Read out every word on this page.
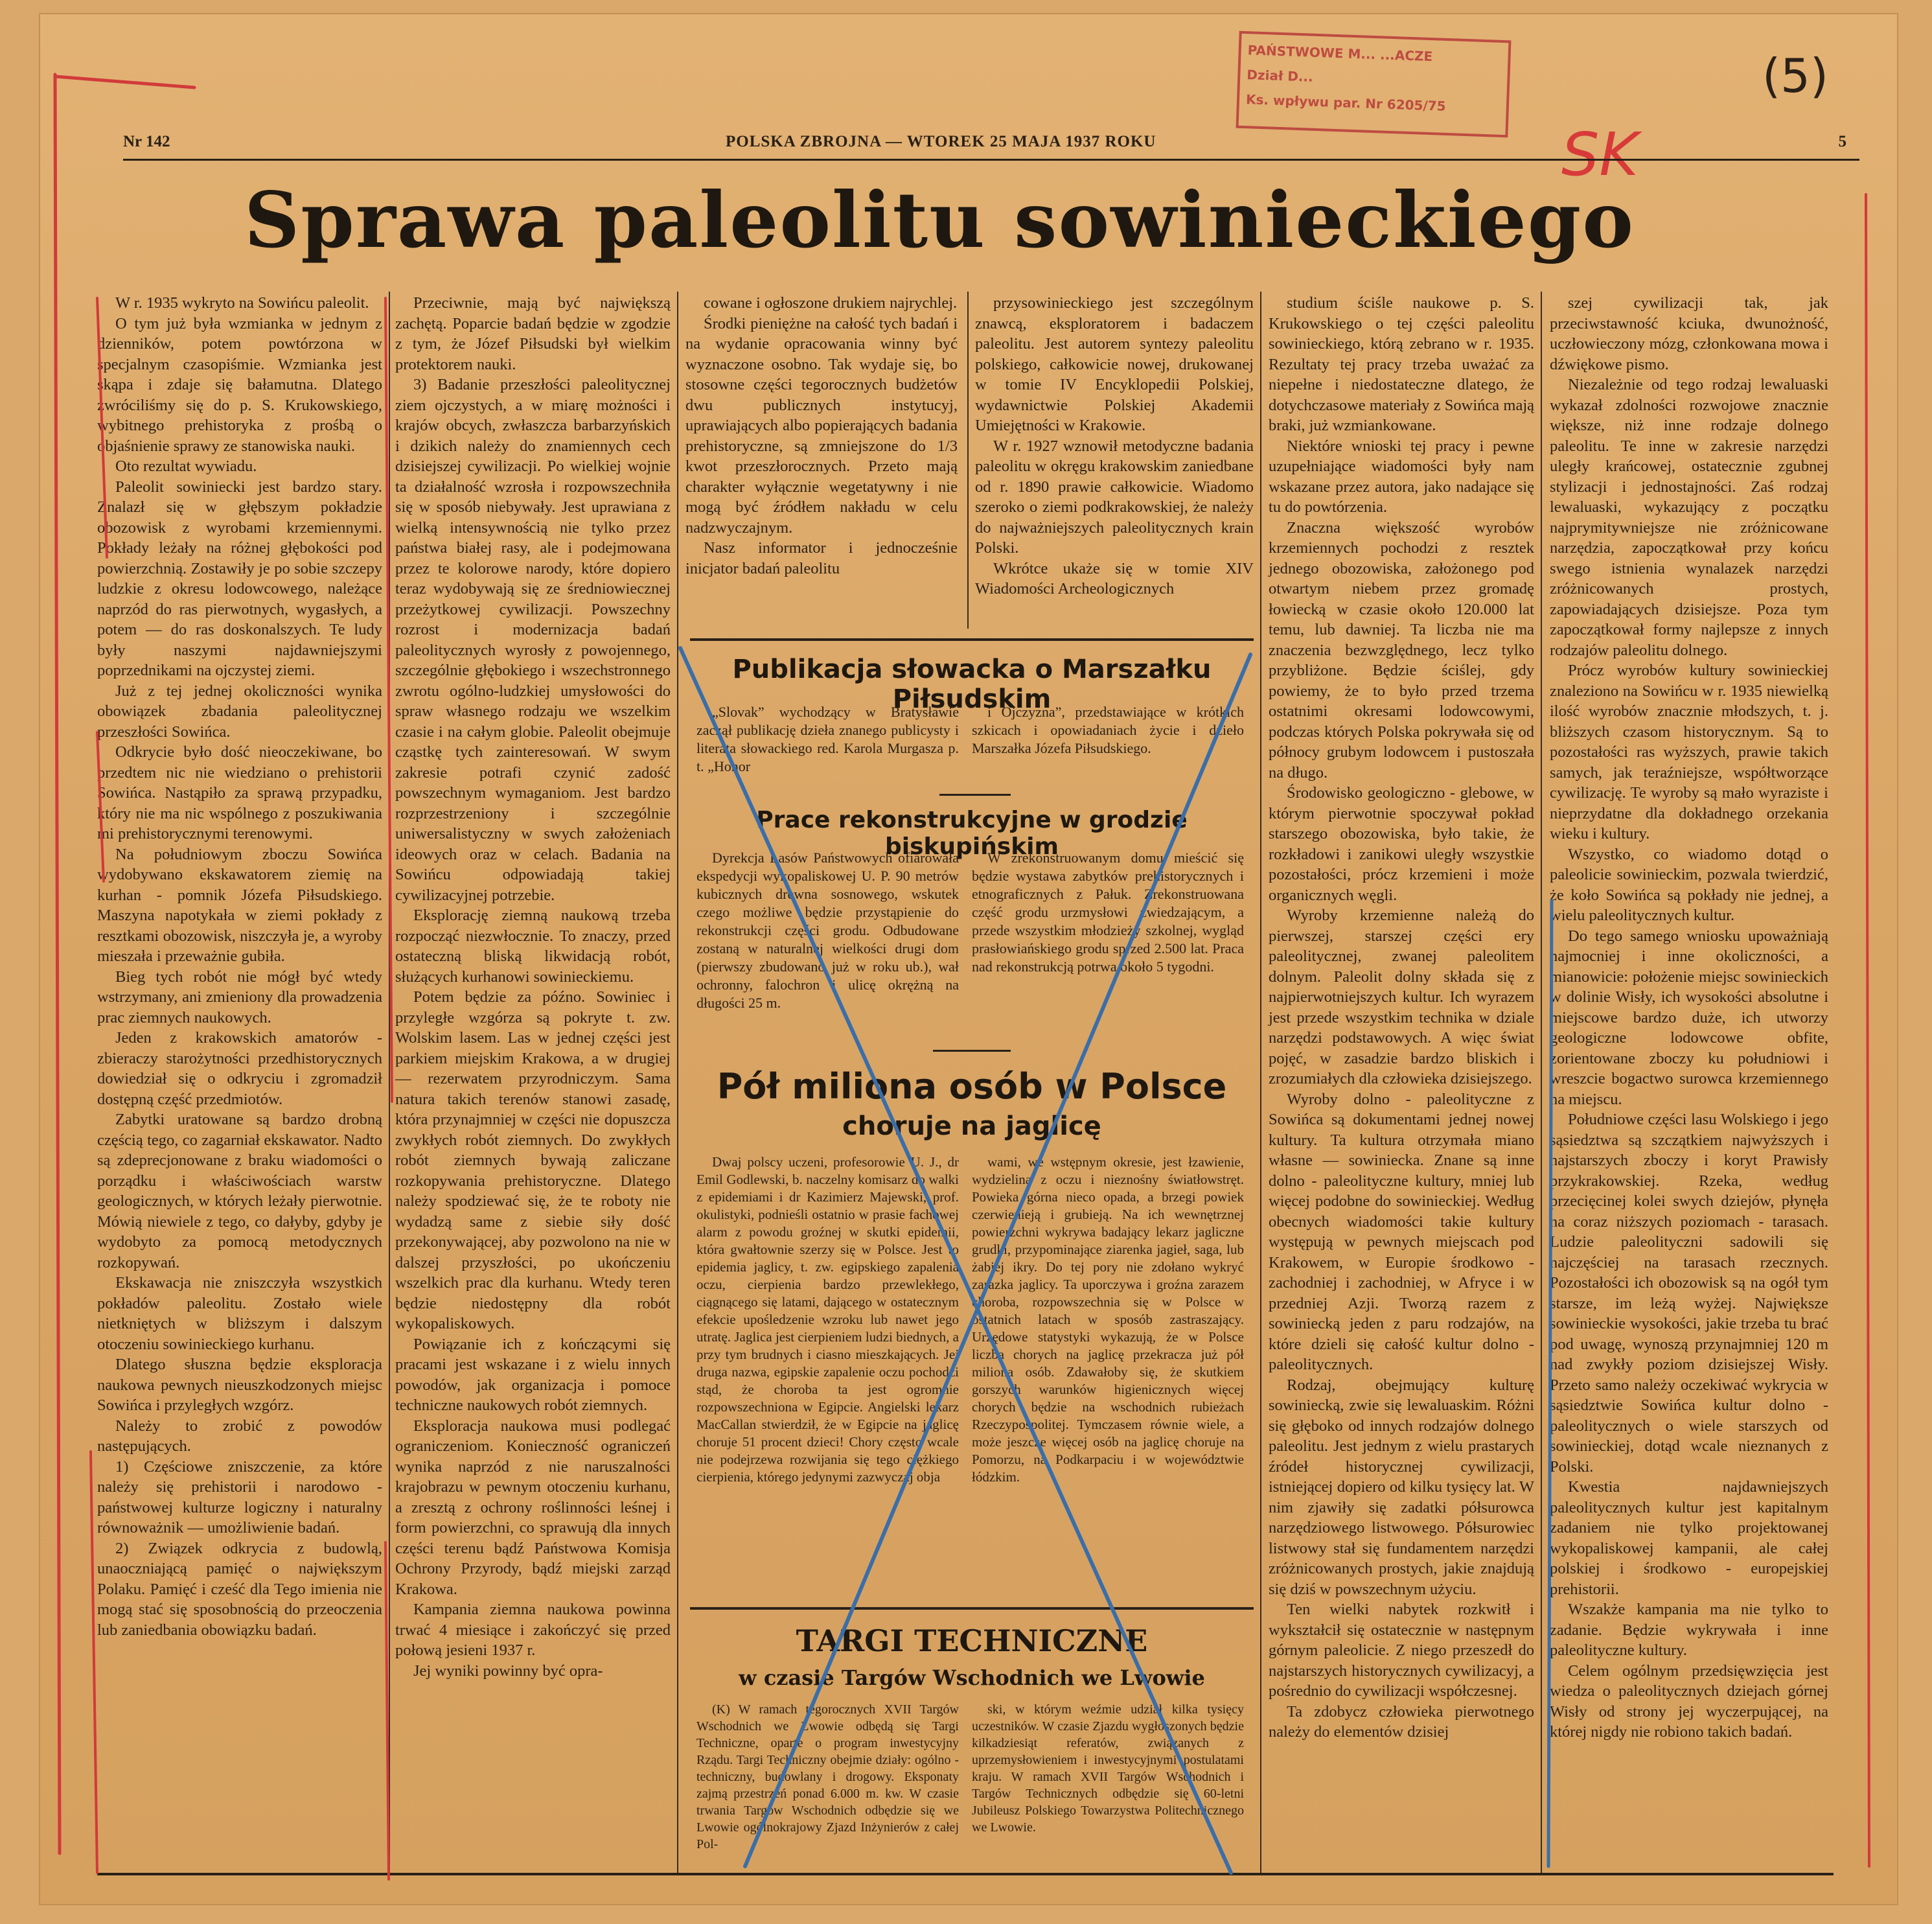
PAŃSTWOWE M... ...ACZE
Dział D...
Ks. wpływu par. Nr 6205/75	(5)
SK
Nr 142	POLSKA ZBROJNA — WTOREK 25 MAJA 1937 ROKU	5
Sprawa paleolitu sowinieckiego

W r. 1935 wykryto na Sowińcu paleolit.

O tym już była wzmianka w jednym z dzienników, potem powtórzona w specjalnym czasopiśmie. Wzmianka jest skąpa i zdaje się bałamutna. Dlatego zwróciliśmy się do p. S. Krukowskiego, wybitnego prehistoryka z prośbą o objaśnienie sprawy ze stanowiska nauki.

Oto rezultat wywiadu.

Paleolit sowiniecki jest bardzo stary. Znalazł się w głębszym pokładzie obozowisk z wyrobami krzemiennymi. Pokłady leżały na różnej głębokości pod powierzchnią. Zostawiły je po sobie szczepy ludzkie z okresu lodowcowego, należące naprzód do ras pierwotnych, wygasłych, a potem — do ras doskonalszych. Te ludy były naszymi najdawniejszymi poprzednikami na ojczystej ziemi.

Już z tej jednej okoliczności wynika obowiązek zbadania paleolitycznej przeszłości Sowińca.

Odkrycie było dość nieoczekiwane, bo przedtem nic nie wiedziano o prehistorii Sowińca. Nastąpiło za sprawą przypadku, który nie ma nic wspólnego z poszukiwania mi prehistorycznymi terenowymi.

Na południowym zboczu Sowińca wydobywano ekskawatorem ziemię na kurhan - pomnik Józefa Piłsudskiego. Maszyna napotykała w ziemi pokłady z resztkami obozowisk, niszczyła je, a wyroby mieszała i przeważnie gubiła.

Bieg tych robót nie mógł być wtedy wstrzymany, ani zmieniony dla prowadzenia prac ziemnych naukowych.

Jeden z krakowskich amatorów - zbieraczy starożytności przedhistorycznych dowiedział się o odkryciu i zgromadził dostępną część przedmiotów.

Zabytki uratowane są bardzo drobną częścią tego, co zagarniał ekskawator. Nadto są zdeprecjonowane z braku wiadomości o porządku i właściwościach warstw geologicznych, w których leżały pierwotnie. Mówią niewiele z tego, co dałyby, gdyby je wydobyto za pomocą metodycznych rozkopywań.

Ekskawacja nie zniszczyła wszystkich pokładów paleolitu. Zostało wiele nietkniętych w bliższym i dalszym otoczeniu sowinieckiego kurhanu.

Dlatego słuszna będzie eksploracja naukowa pewnych nieuszkodzonych miejsc Sowińca i przyległych wzgórz.

Należy to zrobić z powodów następujących.

1) Częściowe zniszczenie, za które należy się prehistorii i narodowo - państwowej kulturze logiczny i naturalny równoważnik — umożliwienie badań.

2) Związek odkrycia z budowlą, unaoczniającą pamięć o największym Polaku. Pamięć i cześć dla Tego imienia nie mogą stać się sposobnością do przeoczenia lub zaniedbania obowiązku badań.

Przeciwnie, mają być największą zachętą. Poparcie badań będzie w zgodzie z tym, że Józef Piłsudski był wielkim protektorem nauki.

3) Badanie przeszłości paleolitycznej ziem ojczystych, a w miarę możności i krajów obcych, zwłaszcza barbarzyńskich i dzikich należy do znamiennych cech dzisiejszej cywilizacji. Po wielkiej wojnie ta działalność wzrosła i rozpowszechniła się w sposób niebywały. Jest uprawiana z wielką intensywnością nie tylko przez państwa białej rasy, ale i podejmowana przez te kolorowe narody, które dopiero teraz wydobywają się ze średniowiecznej przeżytkowej cywilizacji. Powszechny rozrost i modernizacja badań paleolitycznych wyrosły z powojennego, szczególnie głębokiego i wszechstronnego zwrotu ogólno-ludzkiej umysłowości do spraw własnego rodzaju we wszelkim czasie i na całym globie. Paleolit obejmuje cząstkę tych zainteresowań. W swym zakresie potrafi czynić zadość powszechnym wymaganiom. Jest bardzo rozprzestrzeniony i szczególnie uniwersalistyczny w swych założeniach ideowych oraz w celach. Badania na Sowińcu odpowiadają takiej cywilizacyjnej potrzebie.

Eksplorację ziemną naukową trzeba rozpocząć niezwłocznie. To znaczy, przed ostateczną bliską likwidacją robót, służących kurhanowi sowinieckiemu.

Potem będzie za późno. Sowiniec i przyległe wzgórza są pokryte t. zw. Wolskim lasem. Las w jednej części jest parkiem miejskim Krakowa, a w drugiej — rezerwatem przyrodniczym. Sama natura takich terenów stanowi zasadę, która przynajmniej w części nie dopuszcza zwykłych robót ziemnych. Do zwykłych robót ziemnych bywają zaliczane rozkopywania prehistoryczne. Dlatego należy spodziewać się, że te roboty nie wydadzą same z siebie siły dość przekonywającej, aby pozwolono na nie w dalszej przyszłości, po ukończeniu wszelkich prac dla kurhanu. Wtedy teren będzie niedostępny dla robót wykopaliskowych.

Powiązanie ich z kończącymi się pracami jest wskazane i z wielu innych powodów, jak organizacja i pomoce techniczne naukowych robót ziemnych.

Eksploracja naukowa musi podlegać ograniczeniom. Konieczność ograniczeń wynika naprzód z nie naruszalności krajobrazu w pewnym otoczeniu kurhanu, a zresztą z ochrony roślinności leśnej i form powierzchni, co sprawują dla innych części terenu bądź Państwowa Komisja Ochrony Przyrody, bądź miejski zarząd Krakowa.

Kampania ziemna naukowa powinna trwać 4 miesiące i zakończyć się przed połową jesieni 1937 r.

Jej wyniki powinny być opra-

cowane i ogłoszone drukiem najrychlej.

Środki pieniężne na całość tych badań i na wydanie opracowania winny być wyznaczone osobno. Tak wydaje się, bo stosowne części tegorocznych budżetów dwu publicznych instytucyj, uprawiających albo popierających badania prehistoryczne, są zmniejszone do 1/3 kwot przeszłorocznych. Przeto mają charakter wyłącznie wegetatywny i nie mogą być źródłem nakładu w celu nadzwyczajnym.

Nasz informator i jednocześnie inicjator badań paleolitu

przysowinieckiego jest szczególnym znawcą, eksploratorem i badaczem paleolitu. Jest autorem syntezy paleolitu polskiego, całkowicie nowej, drukowanej w tomie IV Encyklopedii Polskiej, wydawnictwie Polskiej Akademii Umiejętności w Krakowie.

W r. 1927 wznowił metodyczne badania paleolitu w okręgu krakowskim zaniedbane od r. 1890 prawie całkowicie. Wiadomo szeroko o ziemi podkrakowskiej, że należy do najważniejszych paleolitycznych krain Polski.

Wkrótce ukaże się w tomie XIV Wiadomości Archeologicznych

studium ściśle naukowe p. S. Krukowskiego o tej części paleolitu sowinieckiego, którą zebrano w r. 1935. Rezultaty tej pracy trzeba uważać za niepełne i niedostateczne dlatego, że dotychczasowe materiały z Sowińca mają braki, już wzmiankowane.

Niektóre wnioski tej pracy i pewne uzupełniające wiadomości były nam wskazane przez autora, jako nadające się tu do powtórzenia.

Znaczna większość wyrobów krzemiennych pochodzi z resztek jednego obozowiska, założonego pod otwartym niebem przez gromadę łowiecką w czasie około 120.000 lat temu, lub dawniej. Ta liczba nie ma znaczenia bezwzględnego, lecz tylko przybliżone. Będzie ściślej, gdy powiemy, że to było przed trzema ostatnimi okresami lodowcowymi, podczas których Polska pokrywała się od północy grubym lodowcem i pustoszała na długo.

Środowisko geologiczno - glebowe, w którym pierwotnie spoczywał pokład starszego obozowiska, było takie, że rozkładowi i zanikowi uległy wszystkie pozostałości, prócz krzemieni i może organicznych węgli.

Wyroby krzemienne należą do pierwszej, starszej części ery paleolitycznej, zwanej paleolitem dolnym. Paleolit dolny składa się z najpierwotniejszych kultur. Ich wyrazem jest przede wszystkim technika w dziale narzędzi podstawowych. A więc świat pojęć, w zasadzie bardzo bliskich i zrozumiałych dla człowieka dzisiejszego.

Wyroby dolno - paleolityczne z Sowińca są dokumentami jednej nowej kultury. Ta kultura otrzymała miano własne — sowiniecka. Znane są inne dolno - paleolityczne kultury, mniej lub więcej podobne do sowinieckiej. Według obecnych wiadomości takie kultury występują w pewnych miejscach pod Krakowem, w Europie środkowo - zachodniej i zachodniej, w Afryce i w przedniej Azji. Tworzą razem z sowiniecką jeden z paru rodzajów, na które dzieli się całość kultur dolno - paleolitycznych.

Rodzaj, obejmujący kulturę sowiniecką, zwie się lewaluaskim. Różni się głęboko od innych rodzajów dolnego paleolitu. Jest jednym z wielu prastarych źródeł historycznej cywilizacji, istniejącej dopiero od kilku tysięcy lat. W nim zjawiły się zadatki półsurowca narzędziowego listwowego. Półsurowiec listwowy stał się fundamentem narzędzi zróżnicowanych prostych, jakie znajdują się dziś w powszechnym użyciu.

Ten wielki nabytek rozkwitł i wykształcił się ostatecznie w następnym górnym paleolicie. Z niego przeszedł do najstarszych historycznych cywilizacyj, a pośrednio do cywilizacji współczesnej.

Ta zdobycz człowieka pierwotnego należy do elementów dzisiej

szej cywilizacji tak, jak przeciwstawność kciuka, dwunożność, uczłowieczony mózg, członkowana mowa i dźwiękowe pismo.

Niezależnie od tego rodzaj lewaluaski wykazał zdolności rozwojowe znacznie większe, niż inne rodzaje dolnego paleolitu. Te inne w zakresie narzędzi uległy krańcowej, ostatecznie zgubnej stylizacji i jednostajności. Zaś rodzaj lewaluaski, wykazujący z początku najprymitywniejsze nie zróżnicowane narzędzia, zapoczątkował przy końcu swego istnienia wynalazek narzędzi zróżnicowanych prostych, zapowiadających dzisiejsze. Poza tym zapoczątkował formy najlepsze z innych rodzajów paleolitu dolnego.

Prócz wyrobów kultury sowinieckiej znaleziono na Sowińcu w r. 1935 niewielką ilość wyrobów znacznie młodszych, t. j. bliższych czasom historycznym. Są to pozostałości ras wyższych, prawie takich samych, jak teraźniejsze, współtworzące cywilizację. Te wyroby są mało wyraziste i nieprzydatne dla dokładnego orzekania wieku i kultury.

Wszystko, co wiadomo dotąd o paleolicie sowinieckim, pozwala twierdzić, że koło Sowińca są pokłady nie jednej, a wielu paleolitycznych kultur.

Do tego samego wniosku upoważniają najmocniej i inne okoliczności, a mianowicie: położenie miejsc sowinieckich w dolinie Wisły, ich wysokości absolutne i miejscowe bardzo duże, ich utworzy geologiczne lodowcowe obfite, zorientowane zboczy ku południowi i wreszcie bogactwo surowca krzemiennego na miejscu.

Południowe części lasu Wolskiego i jego sąsiedztwa są szczątkiem najwyższych i najstarszych zboczy i koryt Prawisły przykrakowskiej. Rzeka, według przecięcinej kolei swych dziejów, płynęła na coraz niższych poziomach - tarasach. Ludzie paleolityczni sadowili się najczęściej na tarasach rzecznych. Pozostałości ich obozowisk są na ogół tym starsze, im leżą wyżej. Największe sowinieckie wysokości, jakie trzeba tu brać pod uwagę, wynoszą przynajmniej 120 m nad zwykły poziom dzisiejszej Wisły. Przeto samo należy oczekiwać wykrycia w sąsiedztwie Sowińca kultur dolno - paleolitycznych o wiele starszych od sowinieckiej, dotąd wcale nieznanych z Polski.

Kwestia najdawniejszych paleolitycznych kultur jest kapitalnym zadaniem nie tylko projektowanej wykopaliskowej kampanii, ale całej polskiej i środkowo - europejskiej prehistorii.

Wszakże kampania ma nie tylko to zadanie. Będzie wykrywała i inne paleolityczne kultury.

Celem ogólnym przedsięwzięcia jest wiedza o paleolitycznych dziejach górnej Wisły od strony jej wyczerpującej, na której nigdy nie robiono takich badań.

Publikacja słowacka o Marszałku Piłsudskim

„Slovak” wychodzący w Bratysławie zaczął publikację dzieła znanego publicysty i literata słowackiego red. Karola Murgasza p. t. „Honor

i Ojczyzna”, przedstawiające w krótkich szkicach i opowiadaniach życie i dzieło Marszałka Józefa Piłsudskiego.

Prace rekonstrukcyjne w grodzie biskupińskim

Dyrekcja Lasów Państwowych ofiarowała ekspedycji wykopaliskowej U. P. 90 metrów kubicznych drewna sosnowego, wskutek czego możliwe będzie przystąpienie do rekonstrukcji części grodu. Odbudowane zostaną w naturalnej wielkości drugi dom (pierwszy zbudowano już w roku ub.), wał ochronny, falochron i ulicę okrężną na długości 25 m.

W zrekonstruowanym domu mieścić się będzie wystawa zabytków prehistorycznych i etnograficznych z Pałuk. Zrekonstruowana część grodu urzmysłowi zwiedzającym, a przede wszystkim młodzieży szkolnej, wygląd prasłowiańskiego grodu sprzed 2.500 lat. Praca nad rekonstrukcją potrwa około 5 tygodni.

Pół miliona osób w Polsce
choruje na jaglicę

Dwaj polscy uczeni, profesorowie U. J., dr Emil Godlewski, b. naczelny komisarz do walki z epidemiami i dr Kazimierz Majewski, prof. okulistyki, podnieśli ostatnio w prasie fachowej alarm z powodu groźnej w skutki epidemii, która gwałtownie szerzy się w Polsce. Jest to epidemia jaglicy, t. zw. egipskiego zapalenia oczu, cierpienia bardzo przewlekłego, ciągnącego się latami, dającego w ostatecznym efekcie upośledzenie wzroku lub nawet jego utratę. Jaglica jest cierpieniem ludzi biednych, a przy tym brudnych i ciasno mieszkających. Jej druga nazwa, egipskie zapalenie oczu pochodzi stąd, że choroba ta jest ogromnie rozpowszechniona w Egipcie. Angielski lekarz MacCallan stwierdził, że w Egipcie na jaglicę choruje 51 procent dzieci! Chory często wcale nie podejrzewa rozwijania się tego ciężkiego cierpienia, którego jedynymi zazwyczaj obja

wami, we wstępnym okresie, jest łzawienie, wydzielina z oczu i nieznośny światłowstręt. Powieka górna nieco opada, a brzegi powiek czerwienieją i grubieją. Na ich wewnętrznej powierzchni wykrywa badający lekarz jagliczne grudki, przypominające ziarenka jagieł, saga, lub żabiej ikry. Do tej pory nie zdołano wykryć zarazka jaglicy. Ta uporczywa i groźna zarazem choroba, rozpowszechnia się w Polsce w ostatnich latach w sposób zastraszający. Urzędowe statystyki wykazują, że w Polsce liczba chorych na jaglicę przekracza już pół miliona osób. Zdawałoby się, że skutkiem gorszych warunków higienicznych więcej chorych będzie na wschodnich rubieżach Rzeczypospolitej. Tymczasem równie wiele, a może jeszcze więcej osób na jaglicę choruje na Pomorzu, na Podkarpaciu i w województwie łódzkim.

TARGI TECHNICZNE
w czasie Targów Wschodnich we Lwowie

(K) W ramach tegorocznych XVII Targów Wschodnich we Lwowie odbędą się Targi Techniczne, oparte o program inwestycyjny Rządu. Targi Techniczny obejmie działy: ogólno - techniczny, budowlany i drogowy. Eksponaty zajmą przestrzeń ponad 6.000 m. kw. W czasie trwania Targów Wschodnich odbędzie się we Lwowie ogólnokrajowy Zjazd Inżynierów z całej Pol-

ski, w którym weźmie udział kilka tysięcy uczestników. W czasie Zjazdu wygłoszonych będzie kilkadziesiąt referatów, związanych z uprzemysłowieniem i inwestycyjnymi postulatami kraju. W ramach XVII Targów Wschodnich i Targów Technicznych odbędzie się 60-letni Jubileusz Polskiego Towarzystwa Politechnicznego we Lwowie.
